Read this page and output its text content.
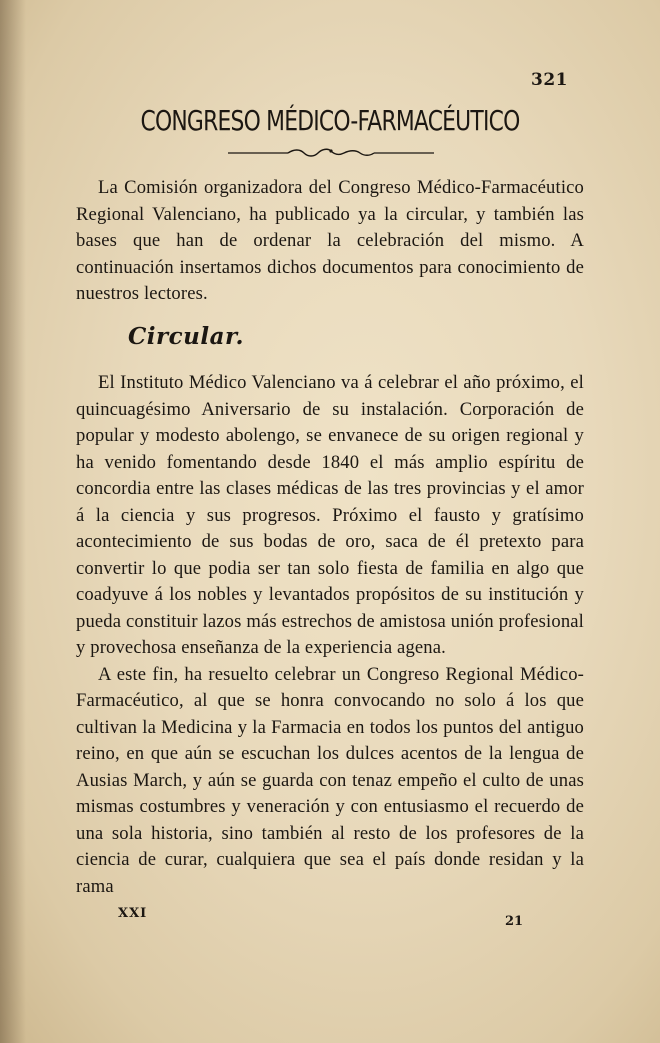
321
CONGRESO MÉDICO-FARMACÉUTICO

La Comisión organizadora del Congreso Médico-Farmacéutico Regional Valenciano, ha publicado ya la circular, y también las bases que han de ordenar la celebración del mismo. A continuación insertamos dichos documentos para conocimiento de nuestros lectores.

Circular.

El Instituto Médico Valenciano va á celebrar el año próximo, el quincuagésimo Aniversario de su instalación. Corporación de popular y modesto abolengo, se envanece de su origen regional y ha venido fomentando desde 1840 el más amplio espíritu de concordia entre las clases médicas de las tres provincias y el amor á la ciencia y sus progresos. Próximo el fausto y gratísimo acontecimiento de sus bodas de oro, saca de él pretexto para convertir lo que podia ser tan solo fiesta de familia en algo que coadyuve á los nobles y levantados propósitos de su institución y pueda constituir lazos más estrechos de amistosa unión profesional y provechosa enseñanza de la experiencia agena.

A este fin, ha resuelto celebrar un Congreso Regional Médico-Farmacéutico, al que se honra convocando no solo á los que cultivan la Medicina y la Farmacia en todos los puntos del antiguo reino, en que aún se escuchan los dulces acentos de la lengua de Ausias March, y aún se guarda con tenaz empeño el culto de unas mismas costumbres y veneración y con entusiasmo el recuerdo de una sola historia, sino también al resto de los profesores de la ciencia de curar, cualquiera que sea el país donde residan y la rama

XXI
21
